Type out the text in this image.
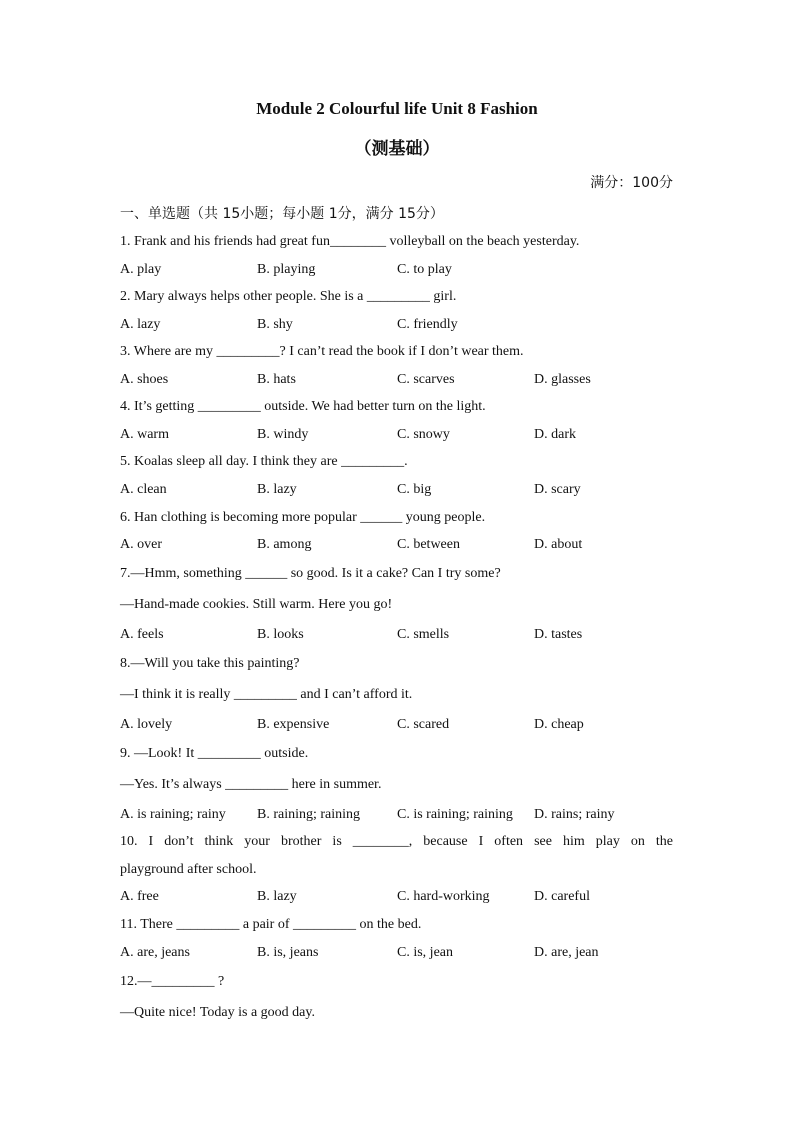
Module 2 Colourful life Unit 8 Fashion
（测基础）
满分：100分
一、单选题（共 15小题；每小题 1分，满分 15分）
1. Frank and his friends had great fun________ volleyball on the beach yesterday.
A. play	B. playing	C. to play
2. Mary always helps other people. She is a _________ girl.
A. lazy	B. shy	C. friendly
3. Where are my _________? I can’t read the book if I don’t wear them.
A. shoes	B. hats	C. scarves	D. glasses
4. It’s getting _________ outside. We had better turn on the light.
A. warm	B. windy	C. snowy	D. dark
5. Koalas sleep all day. I think they are _________.
A. clean	B. lazy	C. big	D. scary
6. Han clothing is becoming more popular ______ young people.
A. over	B. among	C. between	D. about
7.—Hmm, something ______ so good. Is it a cake? Can I try some?
—Hand-made cookies. Still warm. Here you go!
A. feels	B. looks	C. smells	D. tastes
8.—Will you take this painting?
—I think it is really _________ and I can’t afford it.
A. lovely	B. expensive	C. scared	D. cheap
9. —Look! It _________ outside.
—Yes. It’s always _________ here in summer.
A. is raining; rainy B. raining; raining	C. is raining; raining D. rains; rainy
10. I don’t think your brother is ________, because I often see him play on the
playground after school.
A. free	B. lazy	C. hard-working	D. careful
11. There _________ a pair of _________ on the bed.
A. are, jeans	B. is, jeans	C. is, jean	D. are, jean
12.—_________ ?
—Quite nice! Today is a good day.
